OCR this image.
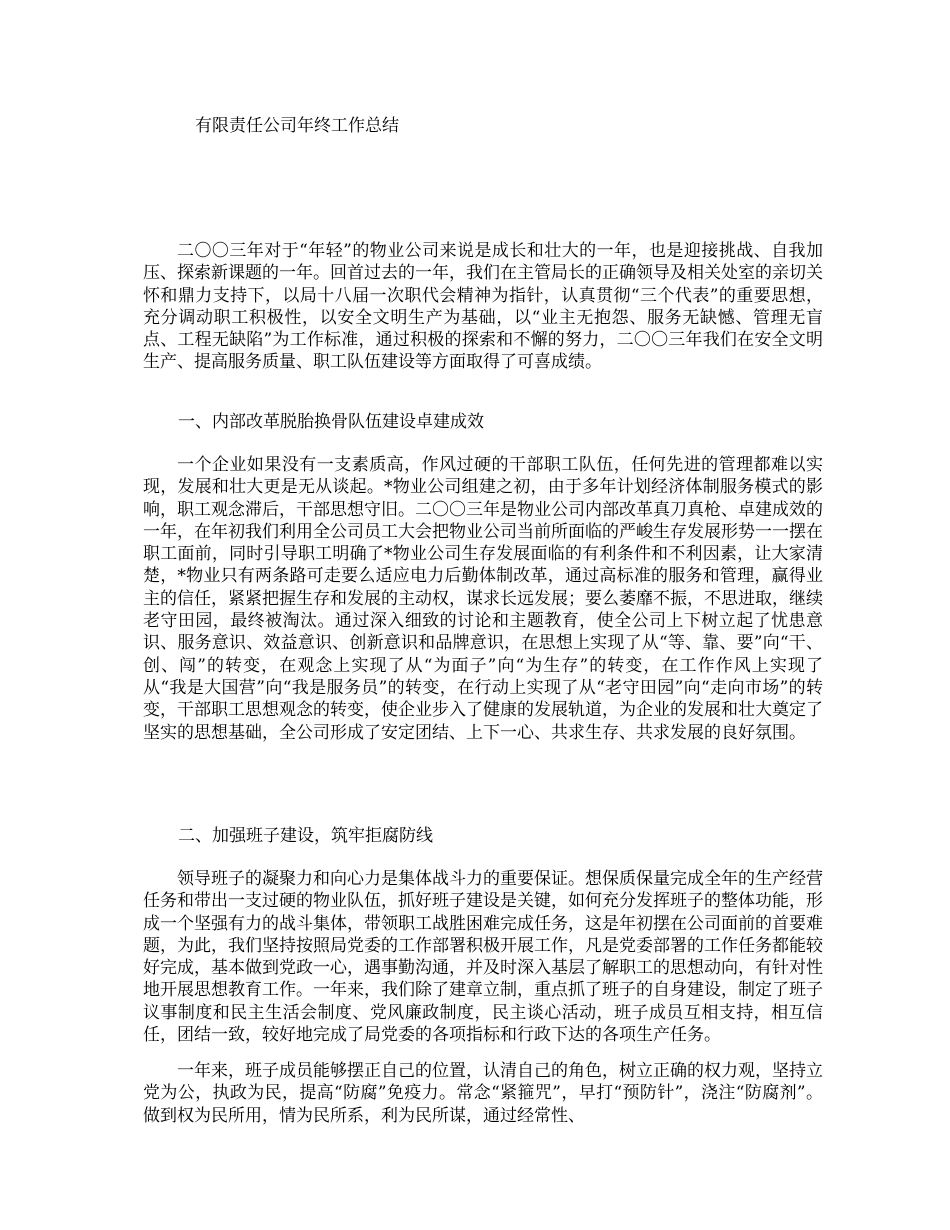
有限责任公司年终工作总结

二〇〇三年对于“年轻”的物业公司来说是成长和壮大的一年，也是迎接挑战、自我加压、探索新课题的一年。回首过去的一年，我们在主管局长的正确领导及相关处室的亲切关怀和鼎力支持下，以局十八届一次职代会精神为指针，认真贯彻“三个代表”的重要思想，充分调动职工积极性，以安全文明生产为基础，以“业主无抱怨、服务无缺憾、管理无盲点、工程无缺陷”为工作标准，通过积极的探索和不懈的努力，二〇〇三年我们在安全文明生产、提高服务质量、职工队伍建设等方面取得了可喜成绩。

一、内部改革脱胎换骨队伍建设卓建成效

一个企业如果没有一支素质高，作风过硬的干部职工队伍，任何先进的管理都难以实现，发展和壮大更是无从谈起。*物业公司组建之初，由于多年计划经济体制服务模式的影响，职工观念滞后，干部思想守旧。二〇〇三年是物业公司内部改革真刀真枪、卓建成效的一年，在年初我们利用全公司员工大会把物业公司当前所面临的严峻生存发展形势一一摆在职工面前，同时引导职工明确了*物业公司生存发展面临的有利条件和不利因素，让大家清楚，*物业只有两条路可走要么适应电力后勤体制改革，通过高标准的服务和管理，赢得业主的信任，紧紧把握生存和发展的主动权，谋求长远发展；要么萎靡不振，不思进取，继续老守田园，最终被淘汰。通过深入细致的讨论和主题教育，使全公司上下树立起了忧患意识、服务意识、效益意识、创新意识和品牌意识，在思想上实现了从“等、靠、要”向“干、创、闯”的转变，在观念上实现了从“为面子”向“为生存”的转变，在工作作风上实现了从“我是大国营”向“我是服务员”的转变，在行动上实现了从“老守田园”向“走向市场”的转变，干部职工思想观念的转变，使企业步入了健康的发展轨道，为企业的发展和壮大奠定了坚实的思想基础，全公司形成了安定团结、上下一心、共求生存、共求发展的良好氛围。

二、加强班子建设，筑牢拒腐防线

领导班子的凝聚力和向心力是集体战斗力的重要保证。想保质保量完成全年的生产经营任务和带出一支过硬的物业队伍，抓好班子建设是关键，如何充分发挥班子的整体功能，形成一个坚强有力的战斗集体，带领职工战胜困难完成任务，这是年初摆在公司面前的首要难题，为此，我们坚持按照局党委的工作部署积极开展工作，凡是党委部署的工作任务都能较好完成，基本做到党政一心，遇事勤沟通，并及时深入基层了解职工的思想动向，有针对性地开展思想教育工作。一年来，我们除了建章立制，重点抓了班子的自身建设，制定了班子议事制度和民主生活会制度、党风廉政制度，民主谈心活动，班子成员互相支持，相互信任，团结一致，较好地完成了局党委的各项指标和行政下达的各项生产任务。

一年来，班子成员能够摆正自己的位置，认清自己的角色，树立正确的权力观，坚持立党为公，执政为民，提高“防腐”免疫力。常念“紧箍咒”，早打“预防针”，浇注“防腐剂”。做到权为民所用，情为民所系，利为民所谋，通过经常性、
